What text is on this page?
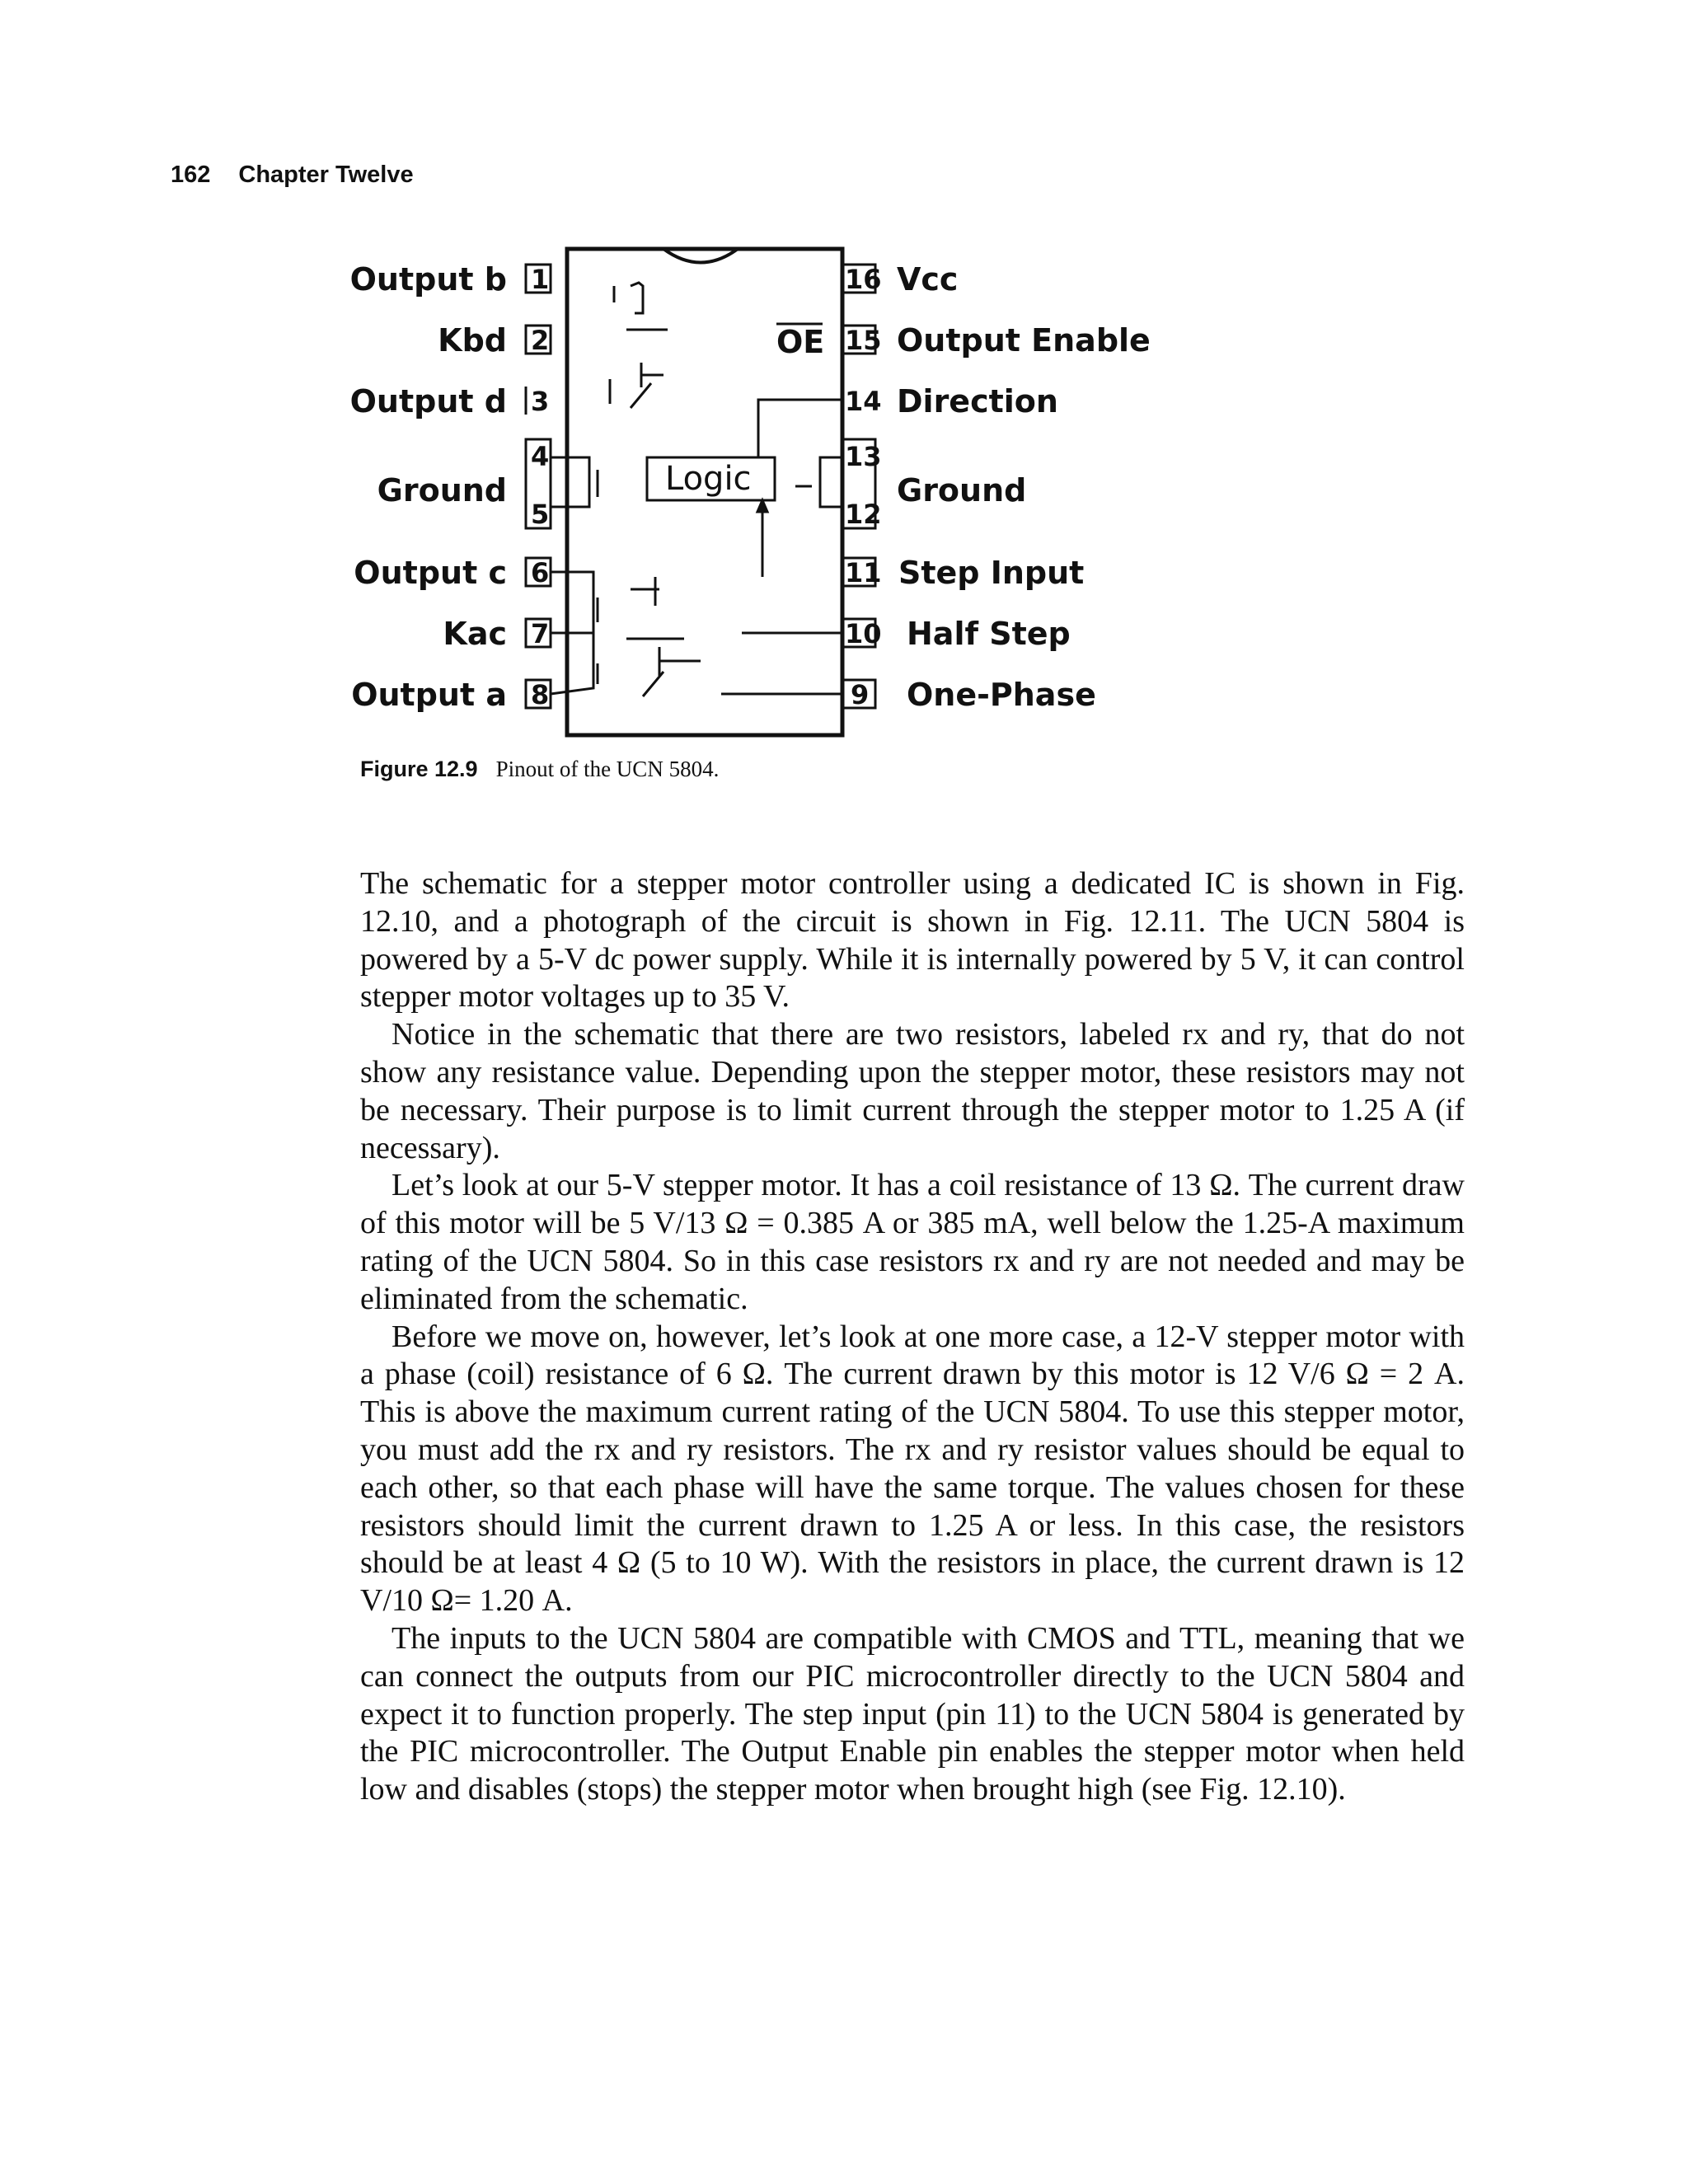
162 Chapter Twelve
Logic
OE
1
2
3
4
5
6
7
8
Output b
Kbd
Output d
Ground
Output c
Kac
Output a
16
15
14
13
12
11
10
9
Vcc
Output Enable
Direction
Ground
Step Input
Half Step
One-Phase
Figure 12.9 Pinout of the UCN 5804.

The schematic for a stepper motor controller using a dedicated IC is shown in Fig. 12.10, and a photograph of the circuit is shown in Fig. 12.11. The UCN 5804 is powered by a 5-V dc power supply. While it is internally powered by 5 V, it can control stepper motor voltages up to 35 V.

Notice in the schematic that there are two resistors, labeled rx and ry, that do not show any resistance value. Depending upon the stepper motor, these resistors may not be necessary. Their purpose is to limit current through the stepper motor to 1.25 A (if necessary).

Let’s look at our 5-V stepper motor. It has a coil resistance of 13 Ω. The current draw of this motor will be 5 V/13 Ω = 0.385 A or 385 mA, well below the 1.25-A maximum rating of the UCN 5804. So in this case resistors rx and ry are not needed and may be eliminated from the schematic.

Before we move on, however, let’s look at one more case, a 12-V stepper motor with a phase (coil) resistance of 6 Ω. The current drawn by this motor is 12 V/6 Ω = 2 A. This is above the maximum current rating of the UCN 5804. To use this stepper motor, you must add the rx and ry resistors. The rx and ry resistor values should be equal to each other, so that each phase will have the same torque. The values chosen for these resistors should limit the current drawn to 1.25 A or less. In this case, the resistors should be at least 4 Ω (5 to 10 W). With the resistors in place, the current drawn is 12 V/10 Ω= 1.20 A.

The inputs to the UCN 5804 are compatible with CMOS and TTL, meaning that we can connect the outputs from our PIC microcontroller directly to the UCN 5804 and expect it to function properly. The step input (pin 11) to the UCN 5804 is generated by the PIC microcontroller. The Output Enable pin enables the stepper motor when held low and disables (stops) the stepper motor when brought high (see Fig. 12.10).
